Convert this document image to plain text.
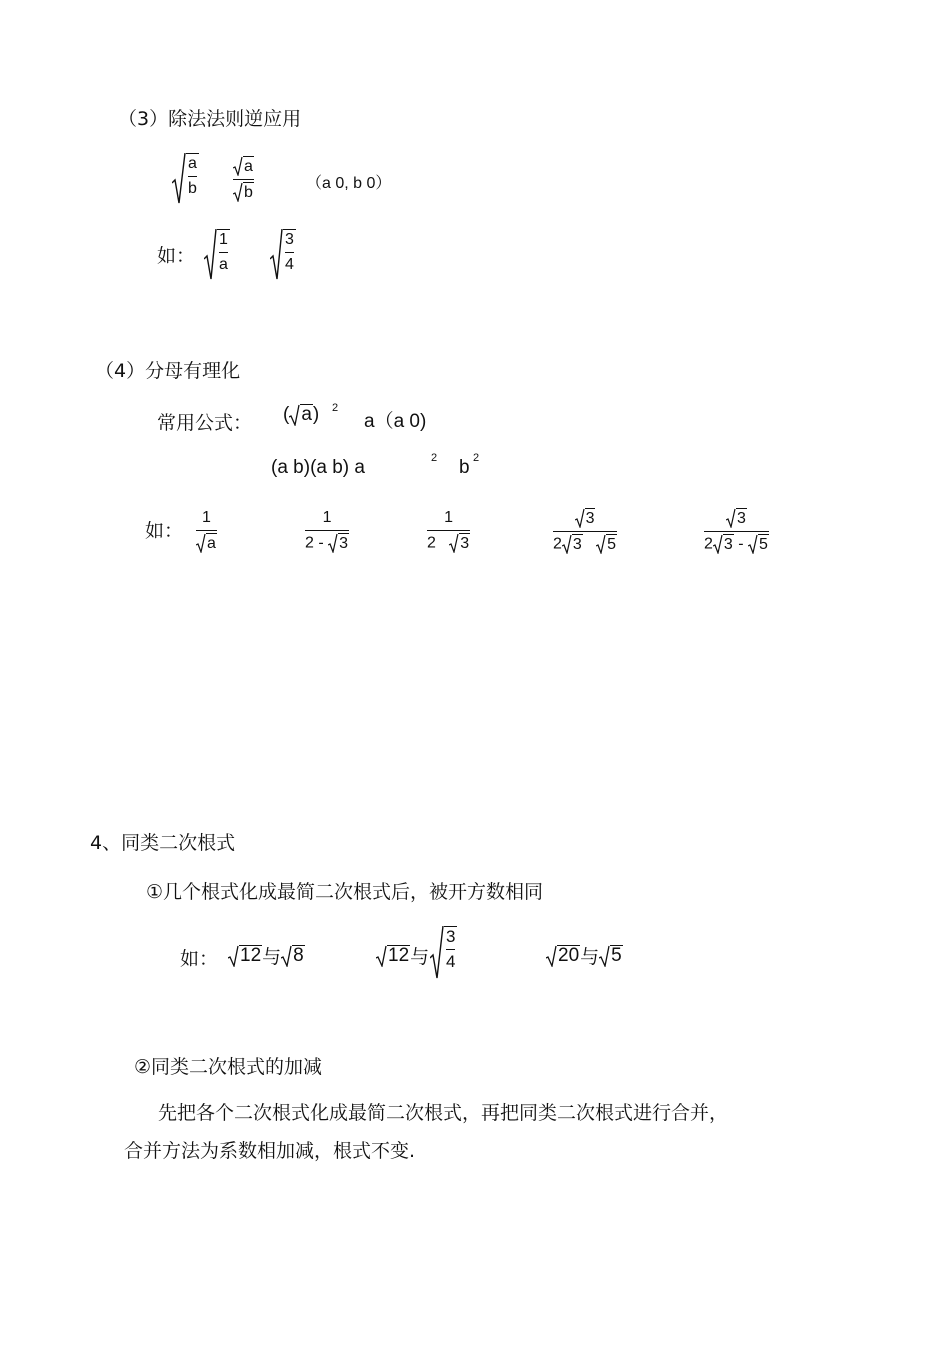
（3）除法法则逆应用
a
b
a
b
（a 0, b 0）
如：
1
a
3
4
（4）分母有理化
常用公式： ( a ) 2
a（a 0)
(a b)(a b) a	2 b 2
如：
1
a
1
2 - 3
1
2 3
3
2 3
5
3
2 3 - 5
4、同类二次根式
①几个根式化成最简二次根式后，被开方数相同
如： 12 与 8	12 与
3
4	20 与 5
②同类二次根式的加减
先把各个二次根式化成最简二次根式，再把同类二次根式进行合并，
合并方法为系数相加减，根式不变.
